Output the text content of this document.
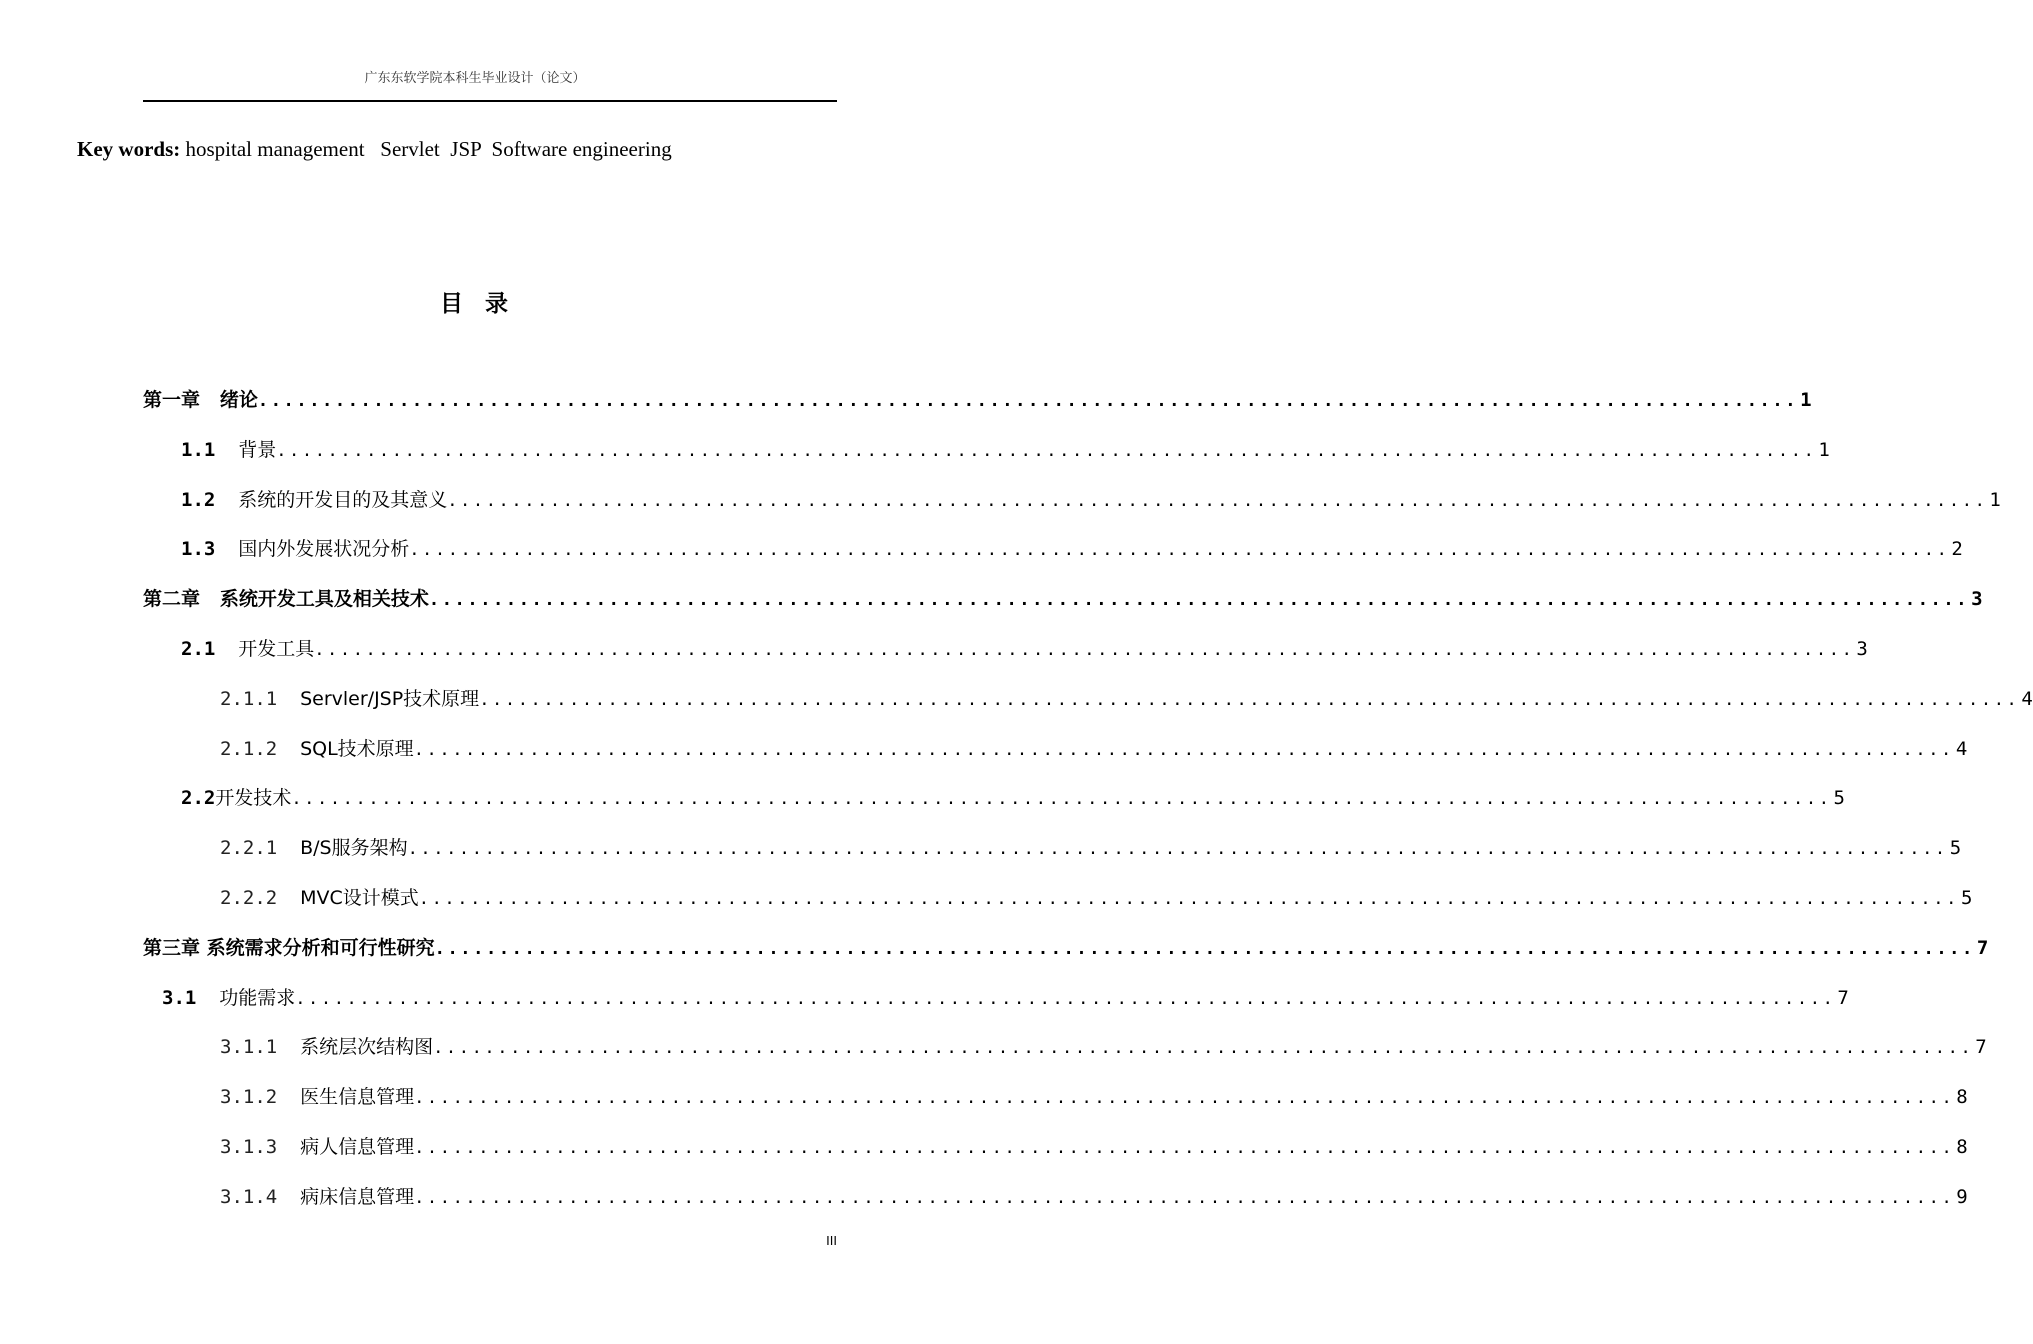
广东东软学院本科生毕业设计（论文）
Key words: hospital management   Servlet  JSP  Software engineering
目  录
第一章 绪论 ........................................................................................................................ 1
1.1 背景 ........................................................................................................................ 1
1.2 系统的开发目的及其意义 ........................................................................................................................ 1
1.3 国内外发展状况分析 ........................................................................................................................ 2
第二章 系统开发工具及相关技术 ........................................................................................................................ 3
2.1 开发工具 ........................................................................................................................ 3
2.1.1 Servler/JSP技术原理 ........................................................................................................................ 4
2.1.2 SQL技术原理 ........................................................................................................................ 4
2.2 开发技术 ........................................................................................................................ 5
2.2.1 B/S服务架构 ........................................................................................................................ 5
2.2.2 MVC设计模式 ........................................................................................................................ 5
第三章 系统需求分析和可行性研究 ........................................................................................................................ 7
3.1 功能需求 ........................................................................................................................ 7
3.1.1 系统层次结构图 ........................................................................................................................ 7
3.1.2 医生信息管理 ........................................................................................................................ 8
3.1.3 病人信息管理 ........................................................................................................................ 8
3.1.4 病床信息管理 ........................................................................................................................ 9
III
